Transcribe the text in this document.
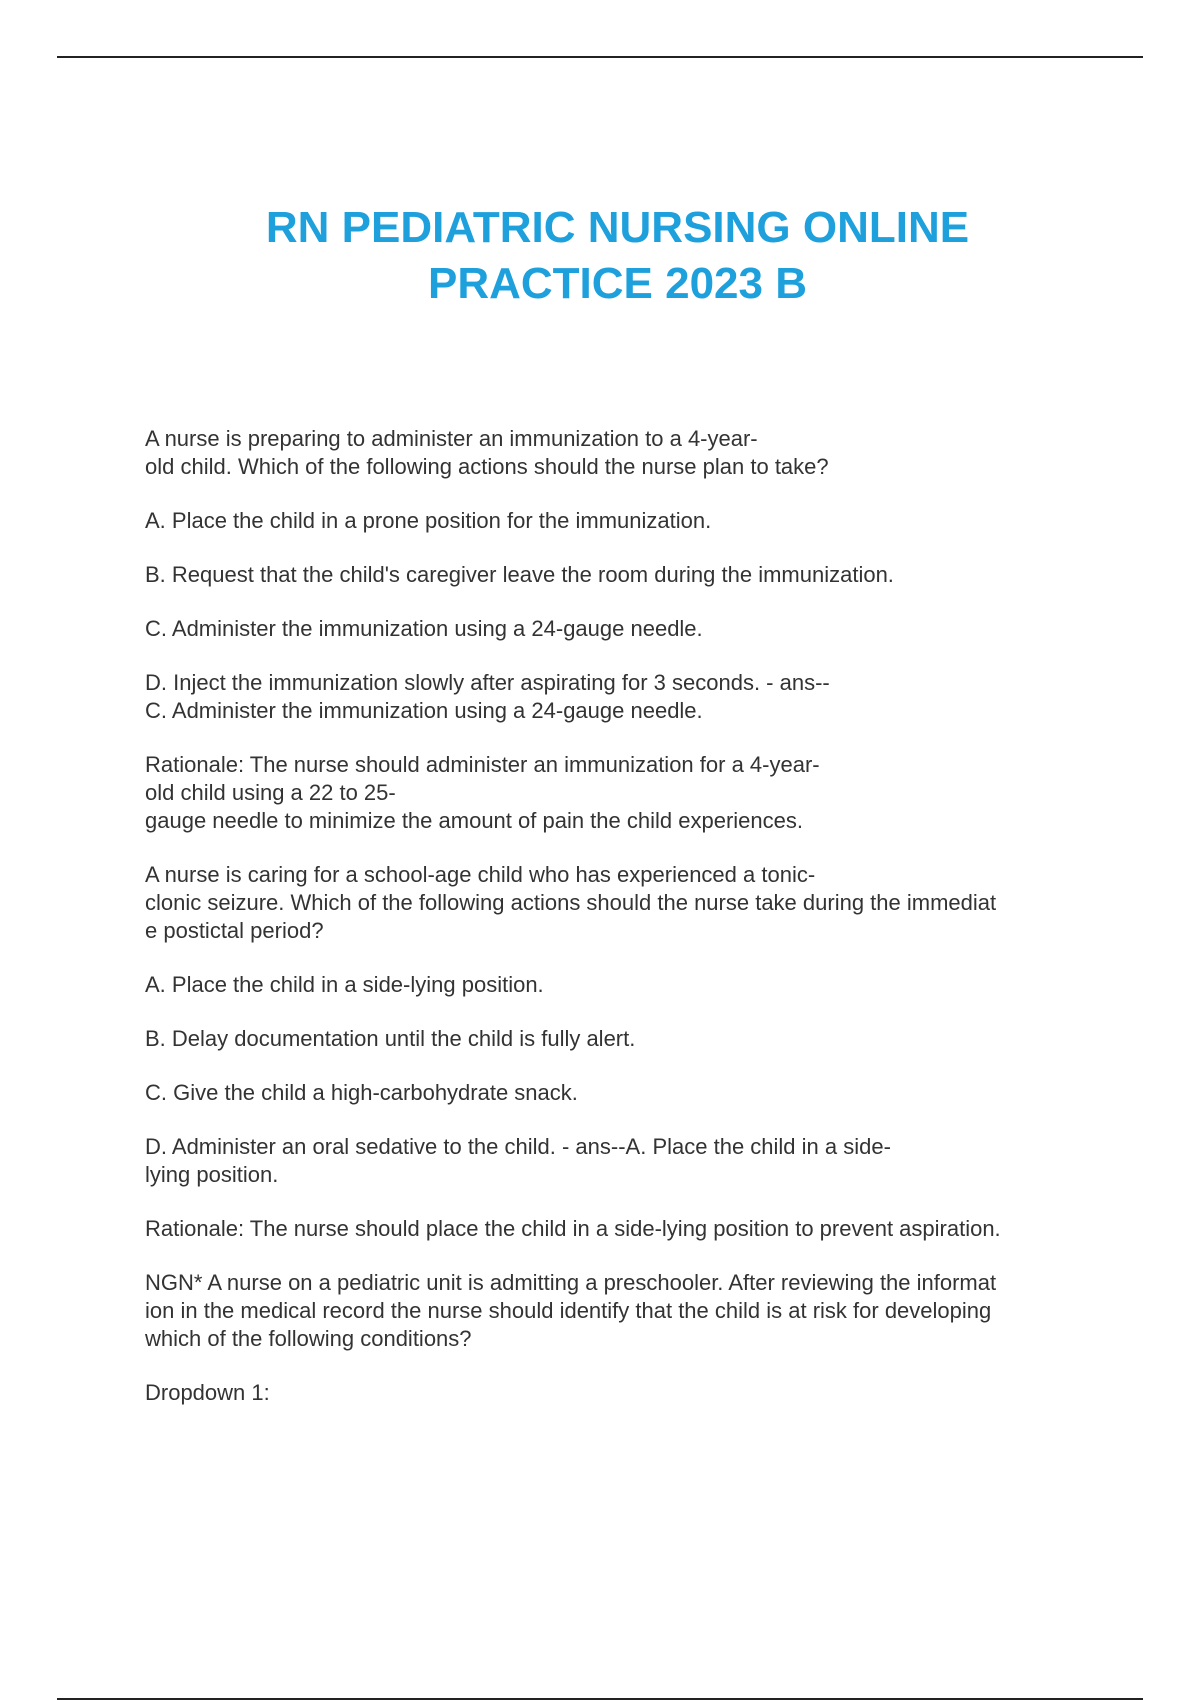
RN PEDIATRIC NURSING ONLINE
PRACTICE 2023 B

A nurse is preparing to administer an immunization to a 4-year-
old child. Which of the following actions should the nurse plan to take?

A. Place the child in a prone position for the immunization.

B. Request that the child's caregiver leave the room during the immunization.

C. Administer the immunization using a 24-gauge needle.

D. Inject the immunization slowly after aspirating for 3 seconds. - ans--
C. Administer the immunization using a 24-gauge needle.

Rationale: The nurse should administer an immunization for a 4-year-
old child using a 22 to 25-
gauge needle to minimize the amount of pain the child experiences.

A nurse is caring for a school-age child who has experienced a tonic-
clonic seizure. Which of the following actions should the nurse take during the immediat
e postictal period?

A. Place the child in a side-lying position.

B. Delay documentation until the child is fully alert.

C. Give the child a high-carbohydrate snack.

D. Administer an oral sedative to the child. - ans--A. Place the child in a side-
lying position.

Rationale: The nurse should place the child in a side-lying position to prevent aspiration.

NGN* A nurse on a pediatric unit is admitting a preschooler. After reviewing the informat
ion in the medical record the nurse should identify that the child is at risk for developing
which of the following conditions?

Dropdown 1:
